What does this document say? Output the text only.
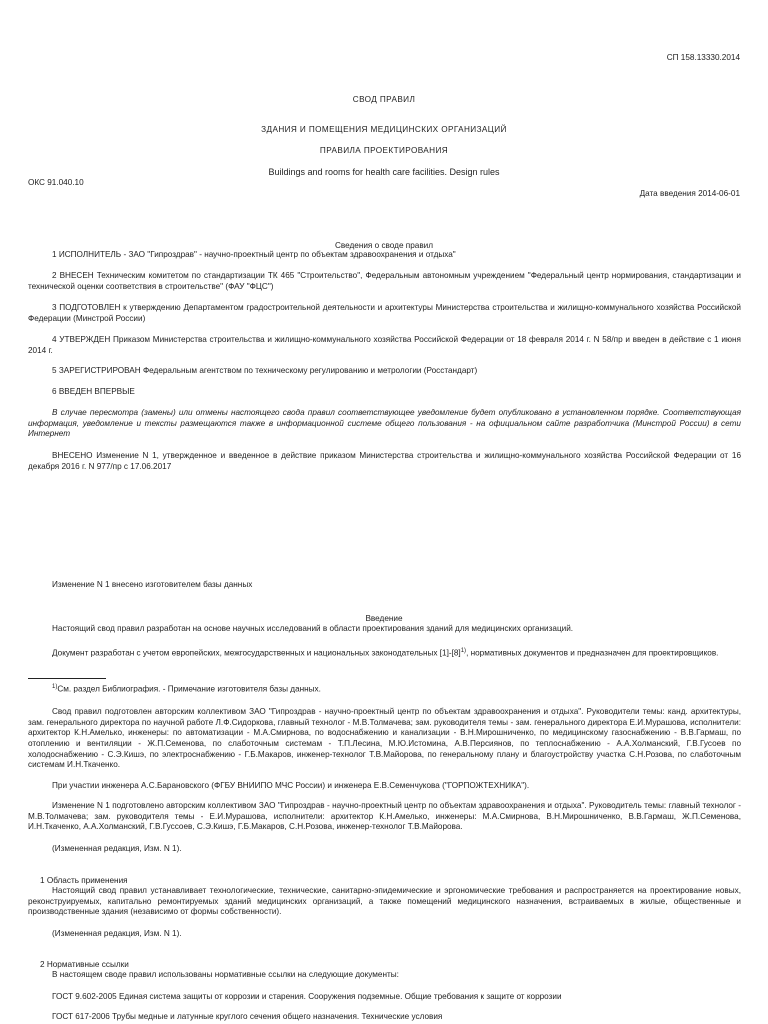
СП 158.13330.2014
СВОД ПРАВИЛ
ЗДАНИЯ И ПОМЕЩЕНИЯ МЕДИЦИНСКИХ ОРГАНИЗАЦИЙ
ПРАВИЛА ПРОЕКТИРОВАНИЯ
Buildings and rooms for health care facilities. Design rules
ОКС 91.040.10
Дата введения 2014-06-01
Сведения о своде правил
1 ИСПОЛНИТЕЛЬ - ЗАО "Гипроздрав" - научно-проектный центр по объектам здравоохранения и отдыха"
2 ВНЕСЕН Техническим комитетом по стандартизации ТК 465 "Строительство", Федеральным автономным учреждением "Федеральный центр нормирования, стандартизации и технической оценки соответствия в строительстве" (ФАУ "ФЦС")
3 ПОДГОТОВЛЕН к утверждению Департаментом градостроительной деятельности и архитектуры Министерства строительства и жилищно-коммунального хозяйства Российской Федерации (Минстрой России)
4 УТВЕРЖДЕН Приказом Министерства строительства и жилищно-коммунального хозяйства Российской Федерации от 18 февраля 2014 г. N 58/пр и введен в действие с 1 июня 2014 г.
5 ЗАРЕГИСТРИРОВАН Федеральным агентством по техническому регулированию и метрологии (Росстандарт)
6 ВВЕДЕН ВПЕРВЫЕ
В случае пересмотра (замены) или отмены настоящего свода правил соответствующее уведомление будет опубликовано в установленном порядке. Соответствующая информация, уведомление и тексты размещаются также в информационной системе общего пользования - на официальном сайте разработчика (Минстрой России) в сети Интернет
ВНЕСЕНО Изменение N 1, утвержденное и введенное в действие приказом Министерства строительства и жилищно-коммунального хозяйства Российской Федерации от 16 декабря 2016 г. N 977/пр с 17.06.2017
Изменение N 1 внесено изготовителем базы данных
Введение
Настоящий свод правил разработан на основе научных исследований в области проектирования зданий для медицинских организаций.
Документ разработан с учетом европейских, межгосударственных и национальных законодательных $[1]-[8]^{1)}$, нормативных документов и предназначен для проектировщиков.
$^{1)}$См. раздел Библиография. - Примечание изготовителя базы данных.
Свод правил подготовлен авторским коллективом ЗАО "Гипроздрав - научно-проектный центр по объектам здравоохранения и отдыха". Руководители темы: канд. архитектуры, зам. генерального директора по научной работе Л.Ф.Сидоркова, главный технолог - М.В.Толмачева; зам. руководителя темы - зам. генерального директора Е.И.Мурашова, исполнители: архитектор К.Н.Амелько, инженеры: по автоматизации - М.А.Смирнова, по водоснабжению и канализации - В.Н.Мирошниченко, по медицинскому газоснабжению - В.В.Гармаш, по отоплению и вентиляции - Ж.П.Семенова, по слаботочным системам - Т.П.Лесина, М.Ю.Истомина, А.В.Персиянов, по теплоснабжению - А.А.Холманский, Г.В.Гусоев по холодоснабжению - С.Э.Кишэ, по электроснабжению - Г.Б.Макаров, инженер-технолог Т.В.Майорова, по генеральному плану и благоустройству участка С.Н.Розова, по слаботочным системам И.Н.Ткаченко.
При участии инженера А.С.Барановского (ФГБУ ВНИИПО МЧС России) и инженера Е.В.Семенчукова ("ГОРПОЖТЕХНИКА").
Изменение N 1 подготовлено авторским коллективом ЗАО "Гипроздрав - научно-проектный центр по объектам здравоохранения и отдыха". Руководитель темы: главный технолог - М.В.Толмачева; зам. руководителя темы - Е.И.Мурашова, исполнители: архитектор К.Н.Амелько, инженеры: М.А.Смирнова, В.Н.Мирошниченко, В.В.Гармаш, Ж.П.Семенова, И.Н.Ткаченко, А.А.Холманский, Г.В.Гуссоев, С.Э.Кишэ, Г.Б.Макаров, С.Н.Розова, инженер-технолог Т.В.Майорова.
(Измененная редакция, Изм. N 1).
1 Область применения
Настоящий свод правил устанавливает технологические, технические, санитарно-эпидемические и эргономические требования и распространяется на проектирование новых, реконструируемых, капитально ремонтируемых зданий медицинских организаций, а также помещений медицинского назначения, встраиваемых в жилые, общественные и производственные здания (независимо от формы собственности).
(Измененная редакция, Изм. N 1).
2 Нормативные ссылки
В настоящем своде правил использованы нормативные ссылки на следующие документы:
ГОСТ 9.602-2005 Единая система защиты от коррозии и старения. Сооружения подземные. Общие требования к защите от коррозии
ГОСТ 617-2006 Трубы медные и латунные круглого сечения общего назначения. Технические условия
